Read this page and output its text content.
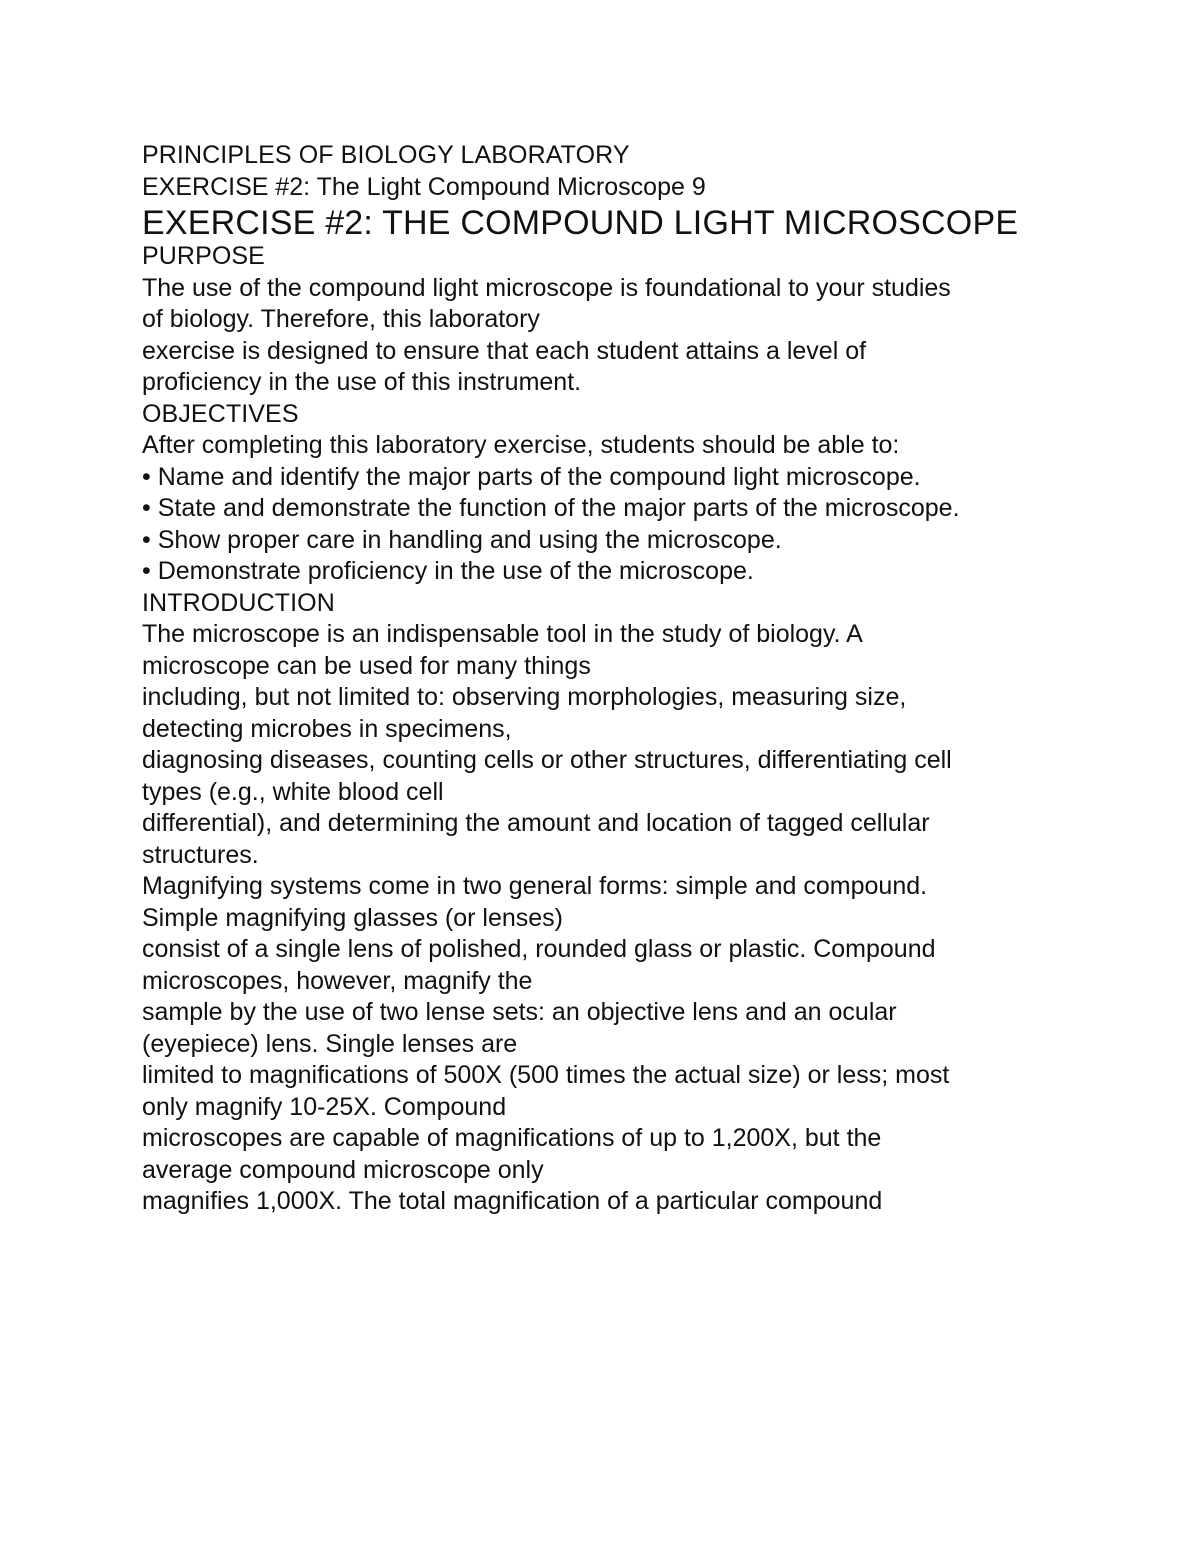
PRINCIPLES OF BIOLOGY LABORATORY
EXERCISE #2: The Light Compound Microscope 9
EXERCISE #2: THE COMPOUND LIGHT MICROSCOPE
PURPOSE
The use of the compound light microscope is foundational to your studies
of biology. Therefore, this laboratory
exercise is designed to ensure that each student attains a level of
proficiency in the use of this instrument.
OBJECTIVES
After completing this laboratory exercise, students should be able to:
• Name and identify the major parts of the compound light microscope.
• State and demonstrate the function of the major parts of the microscope.
• Show proper care in handling and using the microscope.
• Demonstrate proficiency in the use of the microscope.
INTRODUCTION
The microscope is an indispensable tool in the study of biology. A
microscope can be used for many things
including, but not limited to: observing morphologies, measuring size,
detecting microbes in specimens,
diagnosing diseases, counting cells or other structures, differentiating cell
types (e.g., white blood cell
differential), and determining the amount and location of tagged cellular
structures.
Magnifying systems come in two general forms: simple and compound.
Simple magnifying glasses (or lenses)
consist of a single lens of polished, rounded glass or plastic. Compound
microscopes, however, magnify the
sample by the use of two lense sets: an objective lens and an ocular
(eyepiece) lens. Single lenses are
limited to magnifications of 500X (500 times the actual size) or less; most
only magnify 10-25X. Compound
microscopes are capable of magnifications of up to 1,200X, but the
average compound microscope only
magnifies 1,000X. The total magnification of a particular compound
